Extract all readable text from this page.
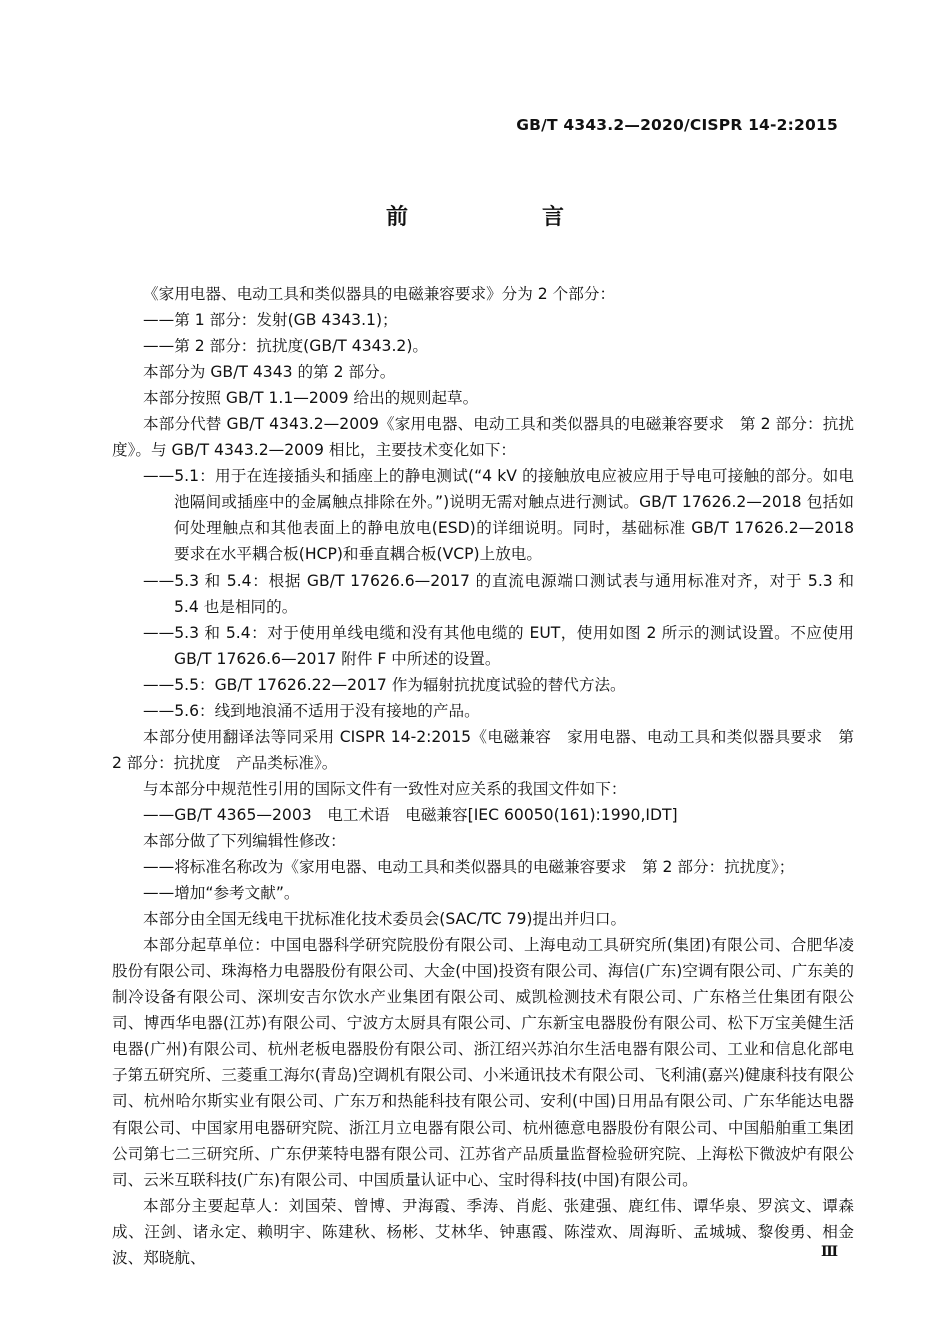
GB/T 4343.2—2020/CISPR 14-2:2015
前　言

《家用电器、电动工具和类似器具的电磁兼容要求》分为 2 个部分：

——第 1 部分：发射(GB 4343.1)；

——第 2 部分：抗扰度(GB/T 4343.2)。

本部分为 GB/T 4343 的第 2 部分。

本部分按照 GB/T 1.1—2009 给出的规则起草。

本部分代替 GB/T 4343.2—2009《家用电器、电动工具和类似器具的电磁兼容要求　第 2 部分：抗扰度》。与 GB/T 4343.2—2009 相比，主要技术变化如下：

——5.1：用于在连接插头和插座上的静电测试(“4 kV 的接触放电应被应用于导电可接触的部分。如电池隔间或插座中的金属触点排除在外。”)说明无需对触点进行测试。GB/T 17626.2—2018 包括如何处理触点和其他表面上的静电放电(ESD)的详细说明。同时，基础标准 GB/T 17626.2—2018 要求在水平耦合板(HCP)和垂直耦合板(VCP)上放电。

——5.3 和 5.4：根据 GB/T 17626.6—2017 的直流电源端口测试表与通用标准对齐，对于 5.3 和 5.4 也是相同的。

——5.3 和 5.4：对于使用单线电缆和没有其他电缆的 EUT，使用如图 2 所示的测试设置。不应使用 GB/T 17626.6—2017 附件 F 中所述的设置。

——5.5：GB/T 17626.22—2017 作为辐射抗扰度试验的替代方法。

——5.6：线到地浪涌不适用于没有接地的产品。

本部分使用翻译法等同采用 CISPR 14-2:2015《电磁兼容　家用电器、电动工具和类似器具要求　第 2 部分：抗扰度　产品类标准》。

与本部分中规范性引用的国际文件有一致性对应关系的我国文件如下：

——GB/T 4365—2003　电工术语　电磁兼容[IEC 60050(161):1990,IDT]

本部分做了下列编辑性修改：

——将标准名称改为《家用电器、电动工具和类似器具的电磁兼容要求　第 2 部分：抗扰度》；

——增加“参考文献”。

本部分由全国无线电干扰标准化技术委员会(SAC/TC 79)提出并归口。

本部分起草单位：中国电器科学研究院股份有限公司、上海电动工具研究所(集团)有限公司、合肥华凌股份有限公司、珠海格力电器股份有限公司、大金(中国)投资有限公司、海信(广东)空调有限公司、广东美的制冷设备有限公司、深圳安吉尔饮水产业集团有限公司、威凯检测技术有限公司、广东格兰仕集团有限公司、博西华电器(江苏)有限公司、宁波方太厨具有限公司、广东新宝电器股份有限公司、松下万宝美健生活电器(广州)有限公司、杭州老板电器股份有限公司、浙江绍兴苏泊尔生活电器有限公司、工业和信息化部电子第五研究所、三菱重工海尔(青岛)空调机有限公司、小米通讯技术有限公司、飞利浦(嘉兴)健康科技有限公司、杭州哈尔斯实业有限公司、广东万和热能科技有限公司、安利(中国)日用品有限公司、广东华能达电器有限公司、中国家用电器研究院、浙江月立电器有限公司、杭州德意电器股份有限公司、中国船舶重工集团公司第七二三研究所、广东伊莱特电器有限公司、江苏省产品质量监督检验研究院、上海松下微波炉有限公司、云米互联科技(广东)有限公司、中国质量认证中心、宝时得科技(中国)有限公司。

本部分主要起草人：刘国荣、曾博、尹海霞、季涛、肖彪、张建强、鹿红伟、谭华泉、罗滨文、谭森成、汪剑、诸永定、赖明宇、陈建秋、杨彬、艾林华、钟惠霞、陈滢欢、周海昕、孟城城、黎俊勇、相金波、郑晓航、	Ⅲ
